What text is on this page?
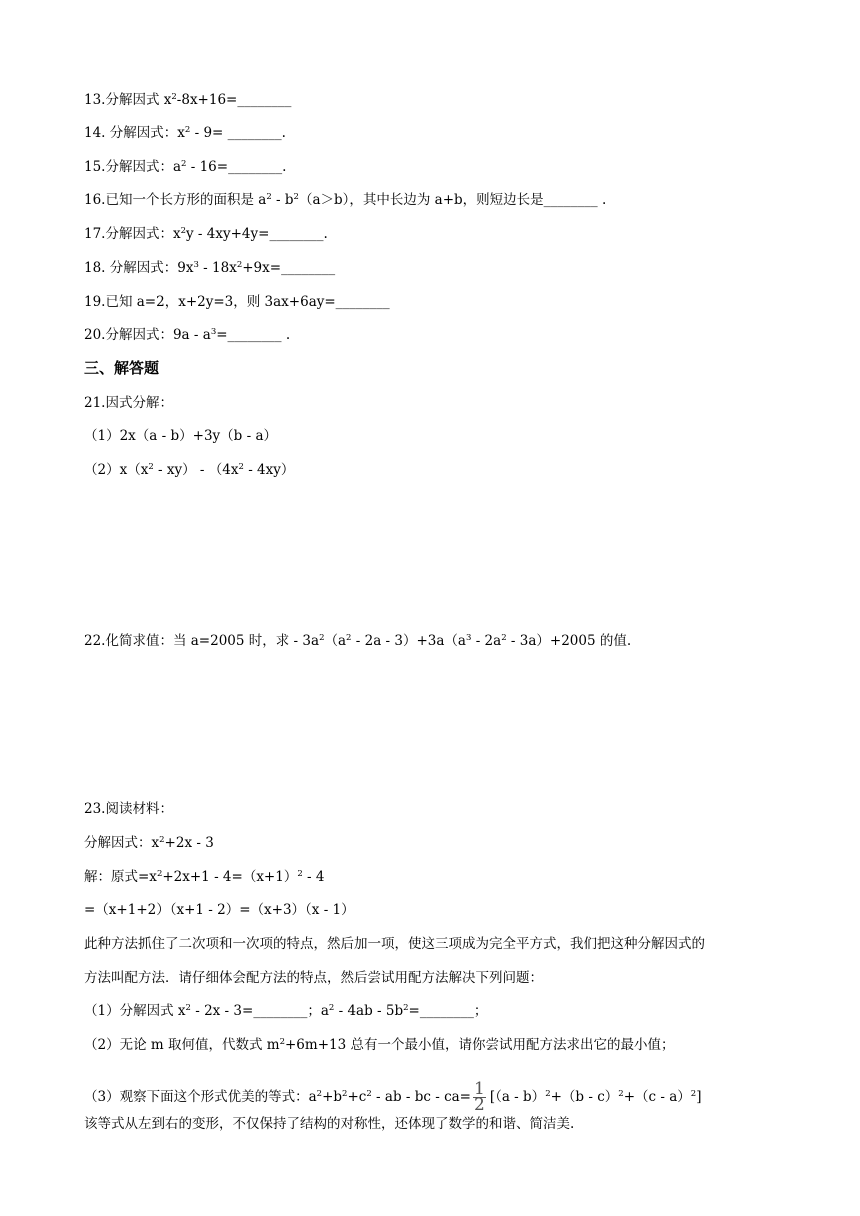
13.分解因式 $x^2-8x+16=\_\_\_\_\_\_\_\_$
14. 分解因式：$x^2 - 9=$ ________.
15.分解因式：$a^2$ - 16=________.
16.已知一个长方形的面积是 $a^2 - b^2(a>b)$，其中长边为 a+b，则短边长是________ .
17.分解因式：$x^2y$ - 4xy+4y=________.
18. 分解因式：$9x^3$ - $18x^2+9x=\_\_\_\_\_\_\_\_$
19.已知 a=2，x+2y=3，则 3ax+6ay=________
20.分解因式：$9a - a^3=\_\_\_\_\_\_\_\_$ .
三、解答题
21.因式分解：
（1）2x（a - b）+3y（b - a）
$(2)x(x^2 - xy) - (4x^2 - 4xy)$
22.化简求值：当 a=2005 时，求 - $3a^2(a^2 - 2a - 3)+3a(a^3 - 2a^2 - 3a)+2005$ 的值.
23.阅读材料：
分解因式：$x^2+2x - 3$
解：原式$=x^2+2x+1 - 4=(x+1)^2 - 4$
=（x+1+2）（x+1 - 2）=（x+3）（x - 1）
此种方法抓住了二次项和一次项的特点，然后加一项，使这三项成为完全平方式，我们把这种分解因式的
方法叫配方法．请仔细体会配方法的特点，然后尝试用配方法解决下列问题：
（1）分解因式 $x^2 - 2x$ - 3=________；$a^2 - 4ab$ - $5b^2=\_\_\_\_\_\_\_\_$；
（2）无论 m 取何值，代数式 $m^2+6m+13$ 总有一个最小值，请你尝试用配方法求出它的最小值；
（3）观察下面这个形式优美的等式：$a^2+b^2+c^2$ - ab - bc - $ca= \frac{1}{2} [(a - b)^2+(b - c)^2+(c - a)^2]$
该等式从左到右的变形，不仅保持了结构的对称性，还体现了数学的和谐、简洁美.
